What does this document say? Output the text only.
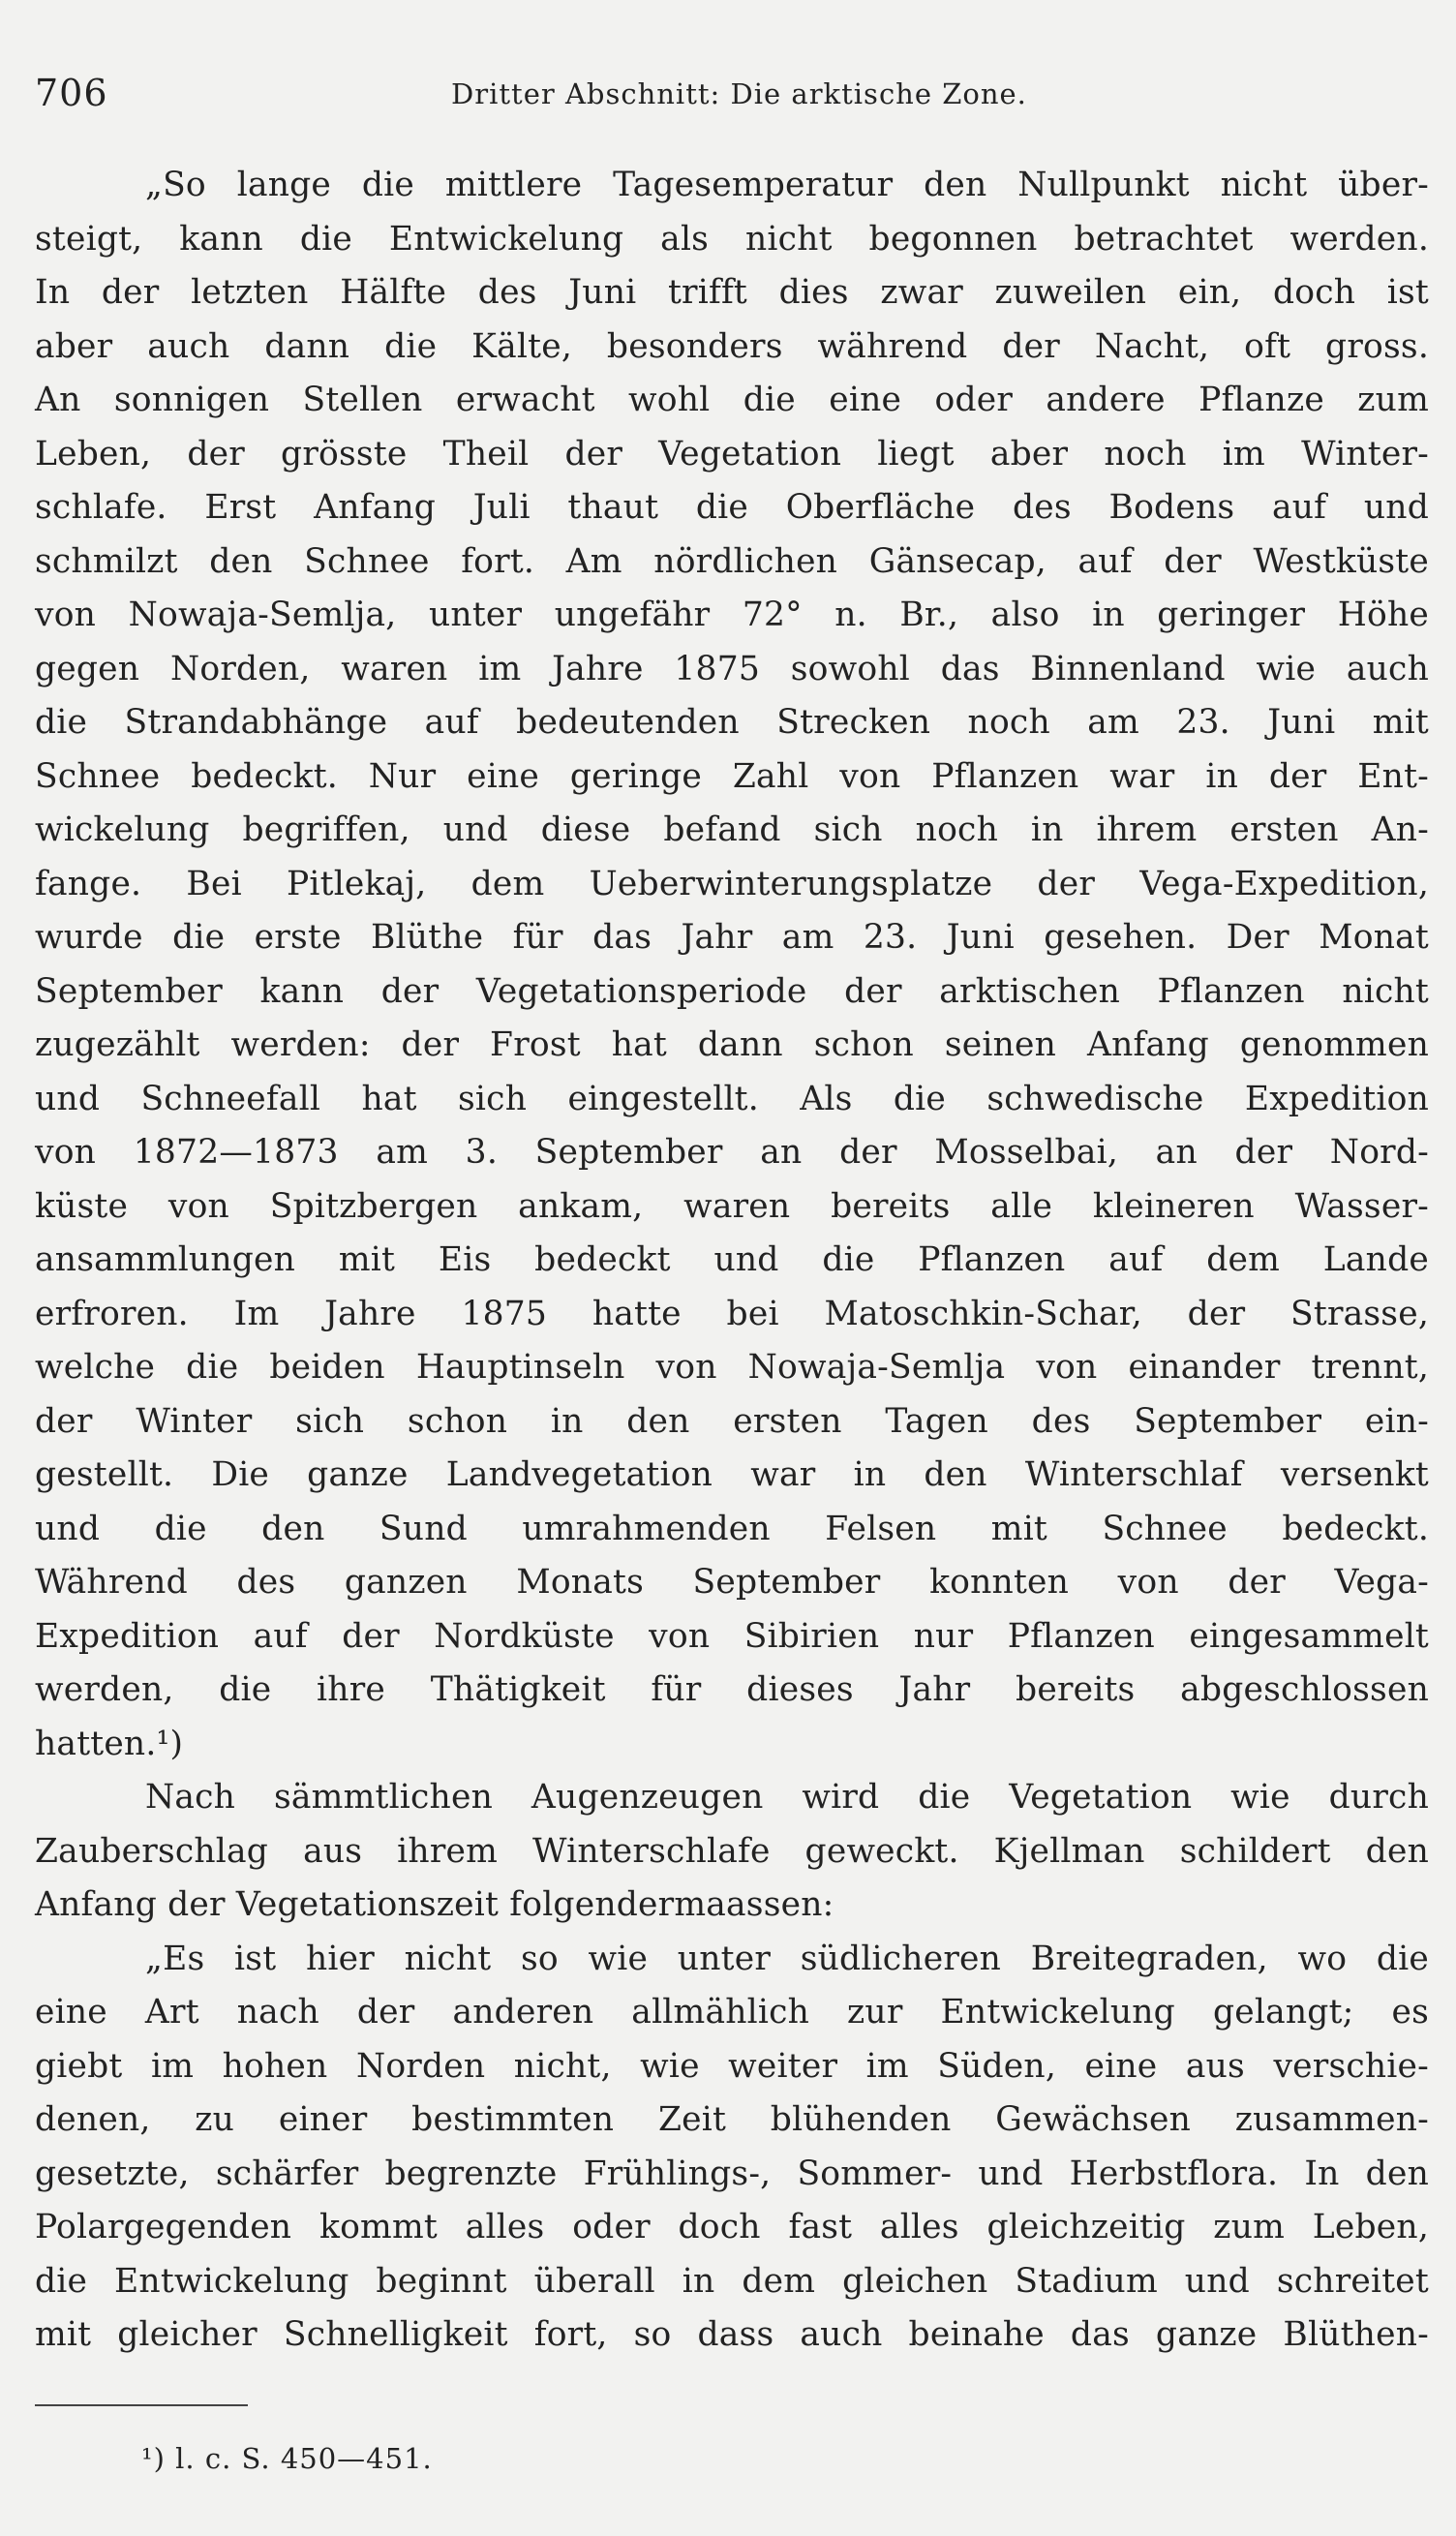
706	Dritter Abschnitt: Die arktische Zone.
„So lange die mittlere Tagesemperatur den Nullpunkt nicht über-
steigt, kann die Entwickelung als nicht begonnen betrachtet werden.
In der letzten Hälfte des Juni trifft dies zwar zuweilen ein, doch ist
aber auch dann die Kälte, besonders während der Nacht, oft gross.
An sonnigen Stellen erwacht wohl die eine oder andere Pflanze zum
Leben, der grösste Theil der Vegetation liegt aber noch im Winter-
schlafe. Erst Anfang Juli thaut die Oberfläche des Bodens auf und
schmilzt den Schnee fort. Am nördlichen Gänsecap, auf der Westküste
von Nowaja-Semlja, unter ungefähr 72° n. Br., also in geringer Höhe
gegen Norden, waren im Jahre 1875 sowohl das Binnenland wie auch
die Strandabhänge auf bedeutenden Strecken noch am 23. Juni mit
Schnee bedeckt. Nur eine geringe Zahl von Pflanzen war in der Ent-
wickelung begriffen, und diese befand sich noch in ihrem ersten An-
fange. Bei Pitlekaj, dem Ueberwinterungsplatze der Vega-Expedition,
wurde die erste Blüthe für das Jahr am 23. Juni gesehen. Der Monat
September kann der Vegetationsperiode der arktischen Pflanzen nicht
zugezählt werden: der Frost hat dann schon seinen Anfang genommen
und Schneefall hat sich eingestellt. Als die schwedische Expedition
von 1872—1873 am 3. September an der Mosselbai, an der Nord-
küste von Spitzbergen ankam, waren bereits alle kleineren Wasser-
ansammlungen mit Eis bedeckt und die Pflanzen auf dem Lande
erfroren. Im Jahre 1875 hatte bei Matoschkin-Schar, der Strasse,
welche die beiden Hauptinseln von Nowaja-Semlja von einander trennt,
der Winter sich schon in den ersten Tagen des September ein-
gestellt. Die ganze Landvegetation war in den Winterschlaf versenkt
und die den Sund umrahmenden Felsen mit Schnee bedeckt.
Während des ganzen Monats September konnten von der Vega-
Expedition auf der Nordküste von Sibirien nur Pflanzen eingesammelt
werden, die ihre Thätigkeit für dieses Jahr bereits abgeschlossen
hatten.¹)
Nach sämmtlichen Augenzeugen wird die Vegetation wie durch
Zauberschlag aus ihrem Winterschlafe geweckt. Kjellman schildert den
Anfang der Vegetationszeit folgendermaassen:
„Es ist hier nicht so wie unter südlicheren Breitegraden, wo die
eine Art nach der anderen allmählich zur Entwickelung gelangt; es
giebt im hohen Norden nicht, wie weiter im Süden, eine aus verschie-
denen, zu einer bestimmten Zeit blühenden Gewächsen zusammen-
gesetzte, schärfer begrenzte Frühlings-, Sommer- und Herbstflora. In den
Polargegenden kommt alles oder doch fast alles gleichzeitig zum Leben,
die Entwickelung beginnt überall in dem gleichen Stadium und schreitet
mit gleicher Schnelligkeit fort, so dass auch beinahe das ganze Blüthen-
¹) l. c. S. 450—451.
